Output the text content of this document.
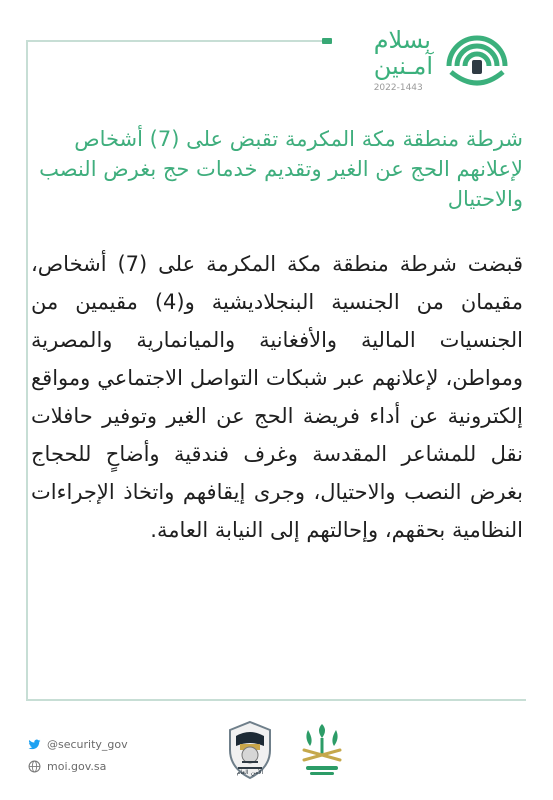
بسلام
آمـنين
2022-1443
شرطة منطقة مكة المكرمة تقبض على (7) أشخاص لإعلانهم الحج عن الغير وتقديم خدمات حج بغرض النصب والاحتيال
قبضت شرطة منطقة مكة المكرمة على (7) أشخاص، مقيمان من الجنسية البنجلاديشية و(4) مقيمين من الجنسيات المالية والأفغانية والميانمارية والمصرية ومواطن، لإعلانهم عبر شبكات التواصل الاجتماعي ومواقع إلكترونية عن أداء فريضة الحج عن الغير وتوفير حافلات نقل للمشاعر المقدسة وغرف فندقية وأضاحٍ للحجاج بغرض النصب والاحتيال، وجرى إيقافهم واتخاذ الإجراءات النظامية بحقهم، وإحالتهم إلى النيابة العامة.
@security_gov
moi.gov.sa	الأمن العام
